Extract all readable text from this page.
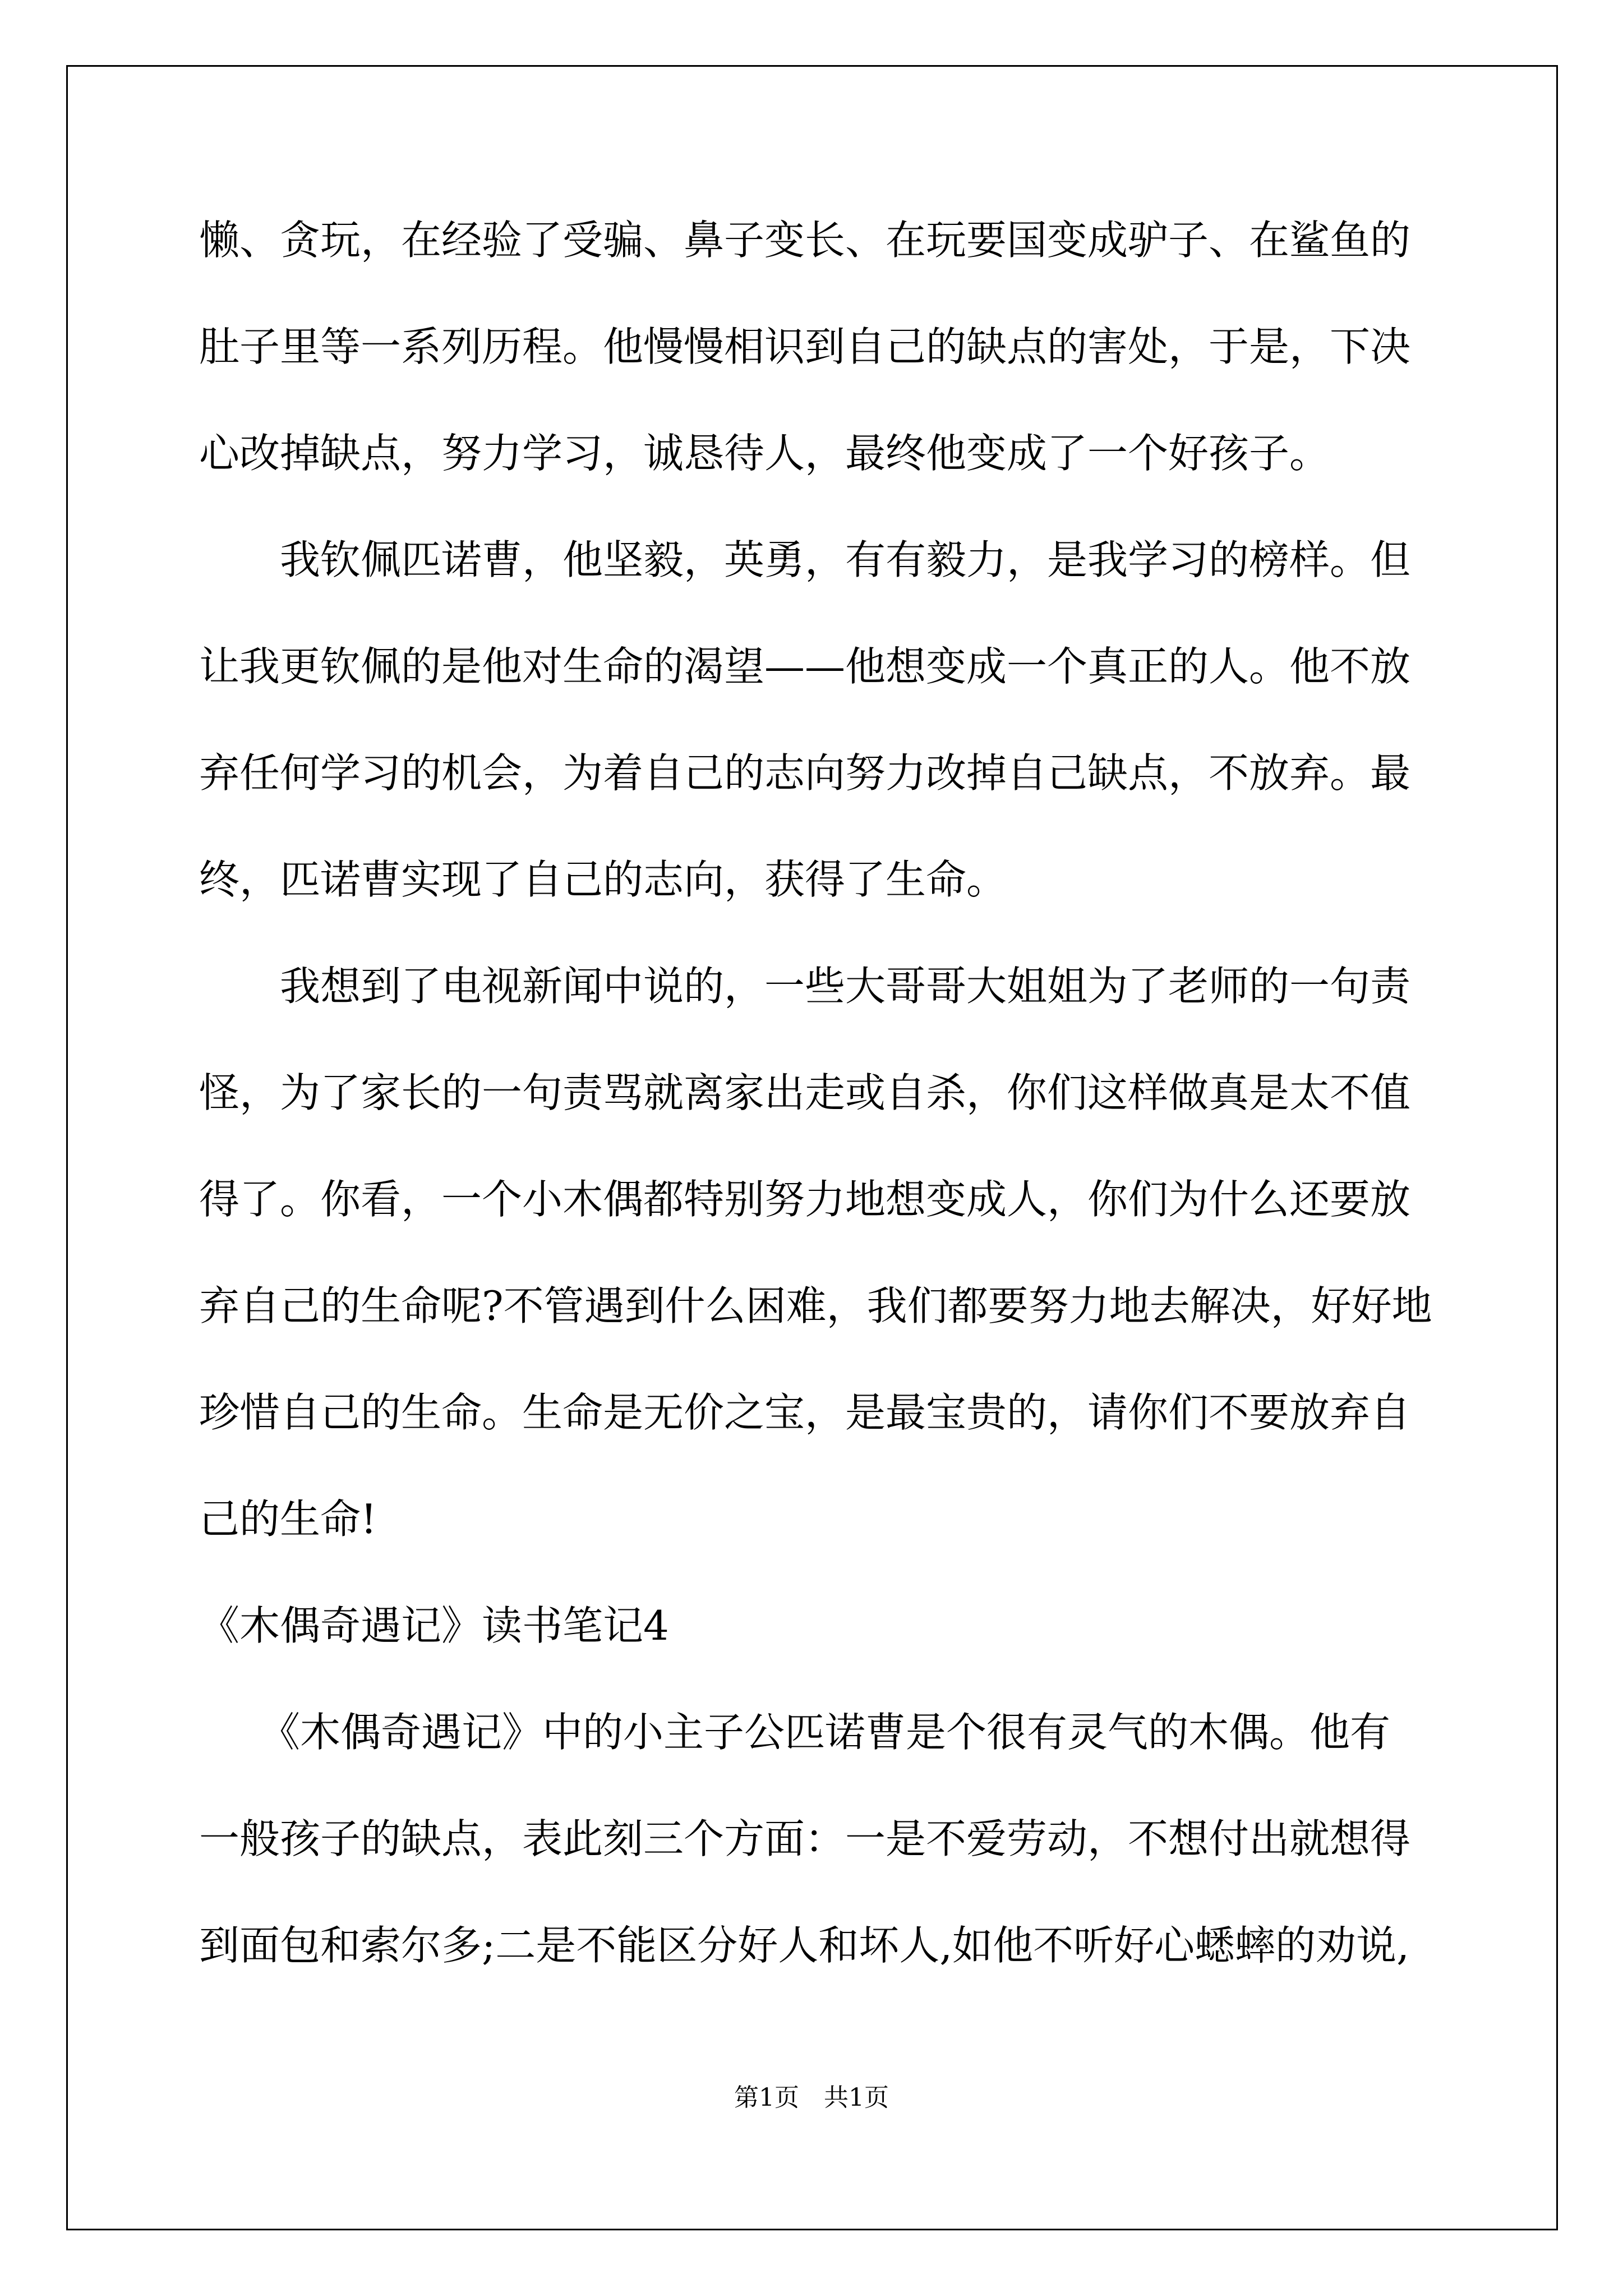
懒、贪玩，在经验了受骗、鼻子变长、在玩要国变成驴子、在鲨鱼的
肚子里等一系列历程。他慢慢相识到自己的缺点的害处，于是，下决
心改掉缺点，努力学习，诚恳待人，最终他变成了一个好孩子。
　　我钦佩匹诺曹，他坚毅，英勇，有有毅力，是我学习的榜样。但
让我更钦佩的是他对生命的渴望——他想变成一个真正的人。他不放
弃任何学习的机会，为着自己的志向努力改掉自己缺点，不放弃。最
终，匹诺曹实现了自己的志向，获得了生命。
　　我想到了电视新闻中说的，一些大哥哥大姐姐为了老师的一句责
怪，为了家长的一句责骂就离家出走或自杀，你们这样做真是太不值
得了。你看，一个小木偶都特别努力地想变成人，你们为什么还要放
弃自己的生命呢?不管遇到什么困难，我们都要努力地去解决，好好地
珍惜自己的生命。生命是无价之宝，是最宝贵的，请你们不要放弃自
己的生命!
《木偶奇遇记》读书笔记4
　　《木偶奇遇记》中的小主子公匹诺曹是个很有灵气的木偶。他有
一般孩子的缺点，表此刻三个方面：一是不爱劳动，不想付出就想得
到面包和索尔多;二是不能区分好人和坏人,如他不听好心蟋蟀的劝说,
第1页　共1页
